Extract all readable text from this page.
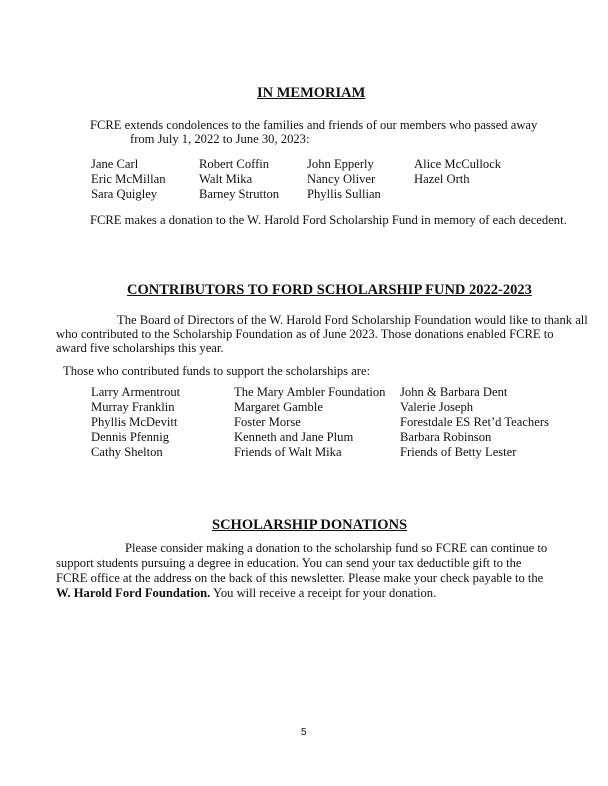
IN MEMORIAM

FCRE extends condolences to the families and friends of our members who passed away

from July 1, 2022 to June 30, 2023:

Jane Carl
Eric McMillan
Sara Quigley
Robert Coffin
Walt Mika
Barney Strutton
John Epperly
Nancy Oliver
Phyllis Sullian
Alice McCullock
Hazel Orth

FCRE makes a donation to the W. Harold Ford Scholarship Fund in memory of each decedent.

CONTRIBUTORS TO FORD SCHOLARSHIP FUND 2022-2023

The Board of Directors of the W. Harold Ford Scholarship Foundation would like to thank all

who contributed to the Scholarship Foundation as of June 2023. Those donations enabled FCRE to

award five scholarships this year.

Those who contributed funds to support the scholarships are:

Larry Armentrout
Murray Franklin
Phyllis McDevitt
Dennis Pfennig
Cathy Shelton
The Mary Ambler Foundation
Margaret Gamble
Foster Morse
Kenneth and Jane Plum
Friends of Walt Mika
John & Barbara Dent
Valerie Joseph
Forestdale ES Ret’d Teachers
Barbara Robinson
Friends of Betty Lester
SCHOLARSHIP DONATIONS

Please consider making a donation to the scholarship fund so FCRE can continue to support students pursuing a degree in education. You can send your tax deductible gift to the FCRE office at the address on the back of this newsletter. Please make your check payable to the W. Harold Ford Foundation. You will receive a receipt for your donation.

5
